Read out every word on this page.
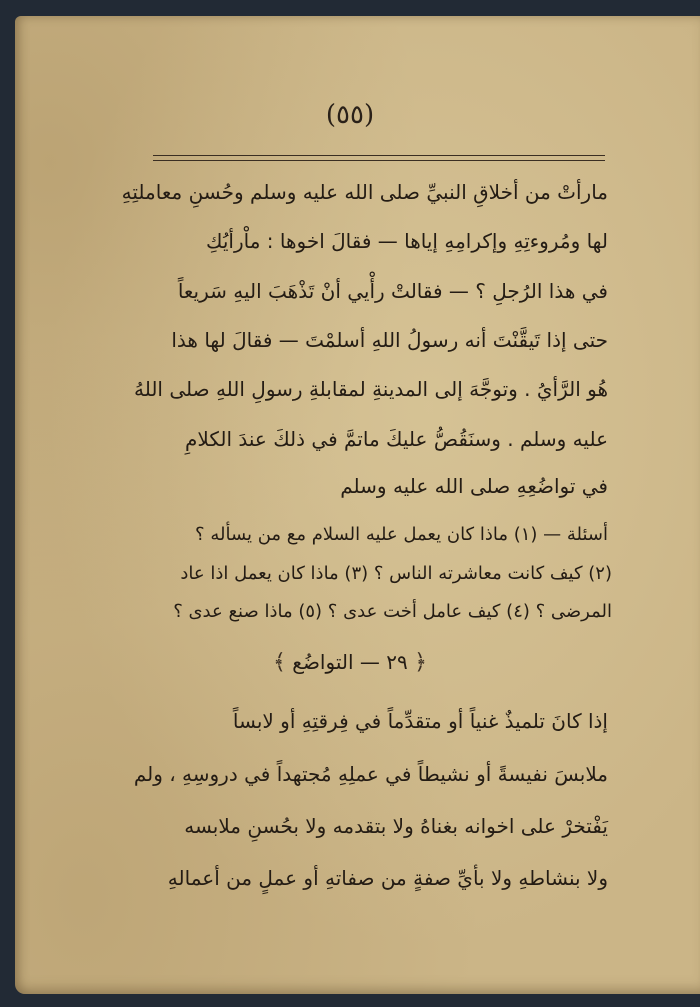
(٥٥)
مارأتْ من أخلاقِ النبيِّ صلى الله عليه وسلم وحُسنِ معاملتِهِ
لها ومُروءتِهِ وإكرامِهِ إياها — فقالَ اخوها : ماْرأيُكِ
في هذا الرُجلِ ؟ — فقالتْ رأْيي أنْ تَذْهَبَ اليهِ سَريعاً
حتى إذا تَيقَّنْتَ أنه رسولُ اللهِ أسلمْتَ — فقالَ لها هذا
هُو الرَّأيُ . وتوجَّهَ إلى المدينةِ لمقابلةِ رسولِ اللهِ صلى اللهُ
عليه وسلم . وسنَقُصُّ عليكَ ماتمَّ في ذلكَ عندَ الكلامِ
في تواضُعِهِ صلى الله عليه وسلم
أسئلة — (١) ماذا كان يعمل عليه السلام مع من يسأله ؟
(٢) كيف كانت معاشرته الناس ؟ (٣) ماذا كان يعمل اذا عاد
المرضى ؟ (٤) كيف عامل أخت عدى ؟ (٥) ماذا صنع عدى ؟
﴿ ٢٩ — التواضُع ﴾
إذا كانَ تلميذٌ غنياً أو متقدِّماً في فِرقتِهِ أو لابساً
ملابسَ نفيسةً أو نشيطاً في عملِهِ مُجتهداً في دروسِهِ ، ولم
يَفْتخرْ على اخوانه بغناهُ ولا بتقدمه ولا بحُسنِ ملابسه
ولا بنشاطهِ ولا بأيِّ صفةٍ من صفاتهِ أو عملٍ من أعمالهِ
